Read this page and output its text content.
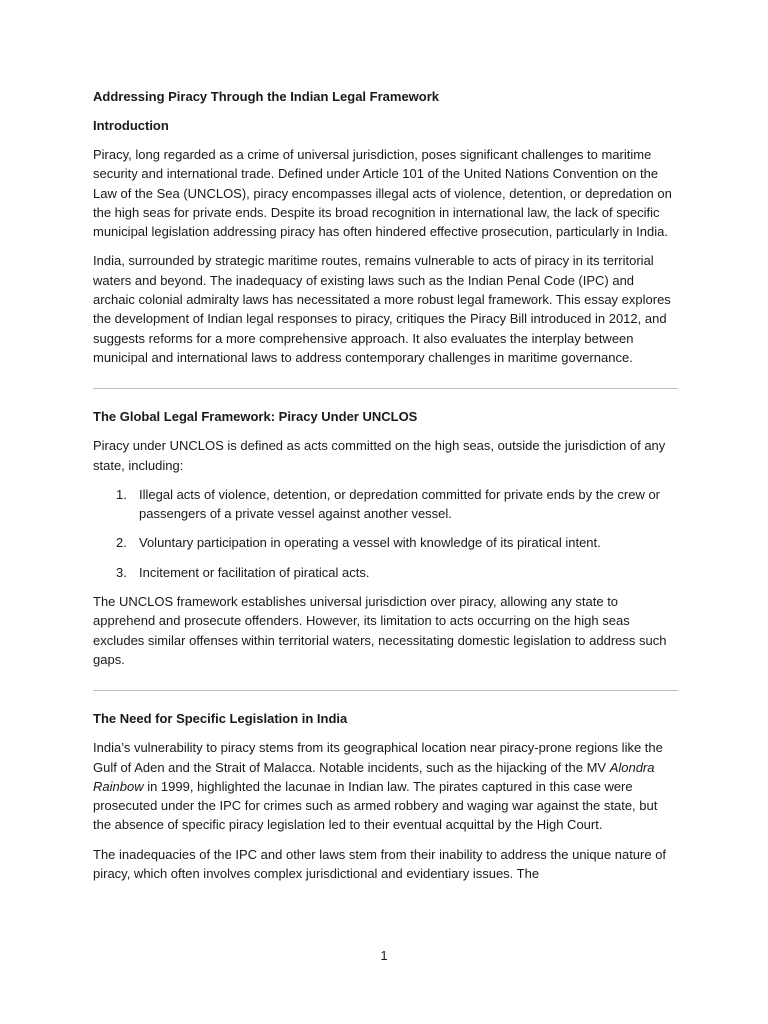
Addressing Piracy Through the Indian Legal Framework
Introduction

Piracy, long regarded as a crime of universal jurisdiction, poses significant challenges to maritime security and international trade. Defined under Article 101 of the United Nations Convention on the Law of the Sea (UNCLOS), piracy encompasses illegal acts of violence, detention, or depredation on the high seas for private ends. Despite its broad recognition in international law, the lack of specific municipal legislation addressing piracy has often hindered effective prosecution, particularly in India.

India, surrounded by strategic maritime routes, remains vulnerable to acts of piracy in its territorial waters and beyond. The inadequacy of existing laws such as the Indian Penal Code (IPC) and archaic colonial admiralty laws has necessitated a more robust legal framework. This essay explores the development of Indian legal responses to piracy, critiques the Piracy Bill introduced in 2012, and suggests reforms for a more comprehensive approach. It also evaluates the interplay between municipal and international laws to address contemporary challenges in maritime governance.

The Global Legal Framework: Piracy Under UNCLOS

Piracy under UNCLOS is defined as acts committed on the high seas, outside the jurisdiction of any state, including:

1. Illegal acts of violence, detention, or depredation committed for private ends by the crew or passengers of a private vessel against another vessel.
2. Voluntary participation in operating a vessel with knowledge of its piratical intent.
3. Incitement or facilitation of piratical acts.

The UNCLOS framework establishes universal jurisdiction over piracy, allowing any state to apprehend and prosecute offenders. However, its limitation to acts occurring on the high seas excludes similar offenses within territorial waters, necessitating domestic legislation to address such gaps.

The Need for Specific Legislation in India

India’s vulnerability to piracy stems from its geographical location near piracy-prone regions like the Gulf of Aden and the Strait of Malacca. Notable incidents, such as the hijacking of the MV Alondra Rainbow in 1999, highlighted the lacunae in Indian law. The pirates captured in this case were prosecuted under the IPC for crimes such as armed robbery and waging war against the state, but the absence of specific piracy legislation led to their eventual acquittal by the High Court.

The inadequacies of the IPC and other laws stem from their inability to address the unique nature of piracy, which often involves complex jurisdictional and evidentiary issues. The

1
